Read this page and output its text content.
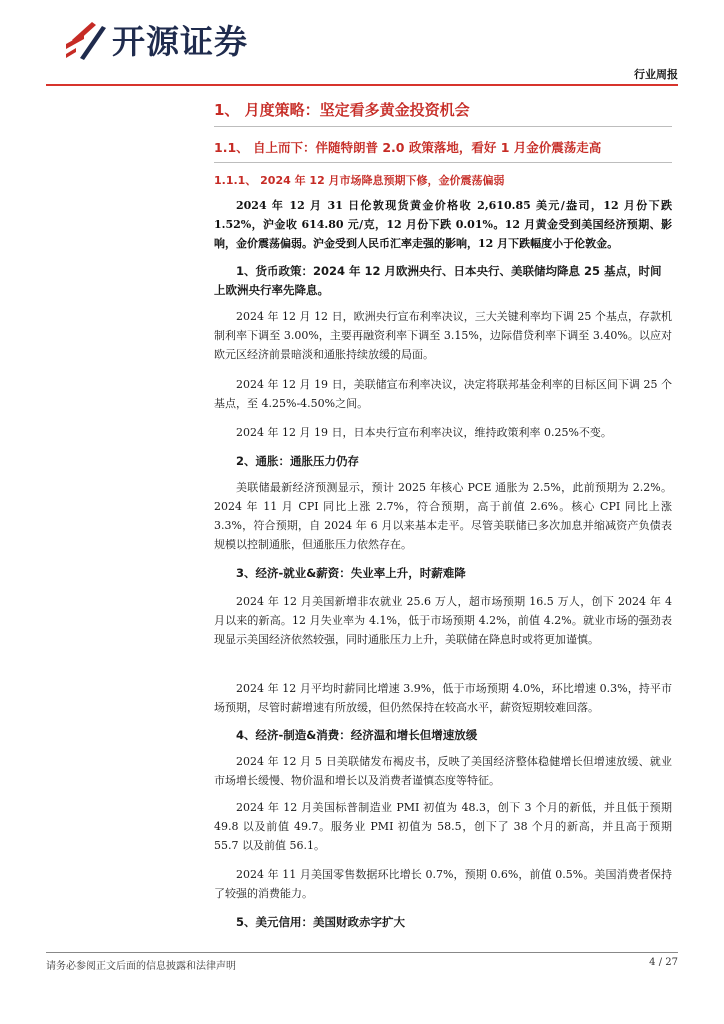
开源证券
行业周报
1、 月度策略：坚定看多黄金投资机会
1.1、 自上而下：伴随特朗普 2.0 政策落地，看好 1 月金价震荡走高
1.1.1、 2024 年 12 月市场降息预期下修，金价震荡偏弱

2024 年 12 月 31 日伦敦现货黄金价格收 2,610.85 美元/盎司，12 月份下跌 1.52%，沪金收 614.80 元/克，12 月份下跌 0.01%。12 月黄金受到美国经济预期、影响，金价震荡偏弱。沪金受到人民币汇率走强的影响，12 月下跌幅度小于伦敦金。

1、货币政策：2024 年 12 月欧洲央行、日本央行、美联储均降息 25 基点，时间上欧洲央行率先降息。

2024 年 12 月 12 日，欧洲央行宣布利率决议，三大关键利率均下调 25 个基点，存款机制利率下调至 3.00%，主要再融资利率下调至 3.15%，边际借贷利率下调至 3.40%。以应对欧元区经济前景暗淡和通胀持续放缓的局面。

2024 年 12 月 19 日，美联储宣布利率决议，决定将联邦基金利率的目标区间下调 25 个基点，至 4.25%-4.50%之间。

2024 年 12 月 19 日，日本央行宣布利率决议，维持政策利率 0.25%不变。

2、通胀：通胀压力仍存

美联储最新经济预测显示，预计 2025 年核心 PCE 通胀为 2.5%，此前预期为 2.2%。2024 年 11 月 CPI 同比上涨 2.7%，符合预期，高于前值 2.6%。核心 CPI 同比上涨 3.3%，符合预期，自 2024 年 6 月以来基本走平。尽管美联储已多次加息并缩减资产负债表规模以控制通胀，但通胀压力依然存在。

3、经济-就业&薪资：失业率上升，时薪难降

2024 年 12 月美国新增非农就业 25.6 万人，超市场预期 16.5 万人，创下 2024 年 4 月以来的新高。12 月失业率为 4.1%，低于市场预期 4.2%，前值 4.2%。就业市场的强劲表现显示美国经济依然较强，同时通胀压力上升，美联储在降息时或将更加谨慎。

2024 年 12 月平均时薪同比增速 3.9%，低于市场预期 4.0%，环比增速 0.3%，持平市场预期，尽管时薪增速有所放缓，但仍然保持在较高水平，薪资短期较难回落。

4、经济-制造&消费：经济温和增长但增速放缓

2024 年 12 月 5 日美联储发布褐皮书，反映了美国经济整体稳健增长但增速放缓、就业市场增长缓慢、物价温和增长以及消费者谨慎态度等特征。

2024 年 12 月美国标普制造业 PMI 初值为 48.3，创下 3 个月的新低，并且低于预期 49.8 以及前值 49.7。服务业 PMI 初值为 58.5，创下了 38 个月的新高，并且高于预期 55.7 以及前值 56.1。

2024 年 11 月美国零售数据环比增长 0.7%，预期 0.6%，前值 0.5%。美国消费者保持了较强的消费能力。

5、美元信用：美国财政赤字扩大
请务必参阅正文后面的信息披露和法律声明	4 / 27
